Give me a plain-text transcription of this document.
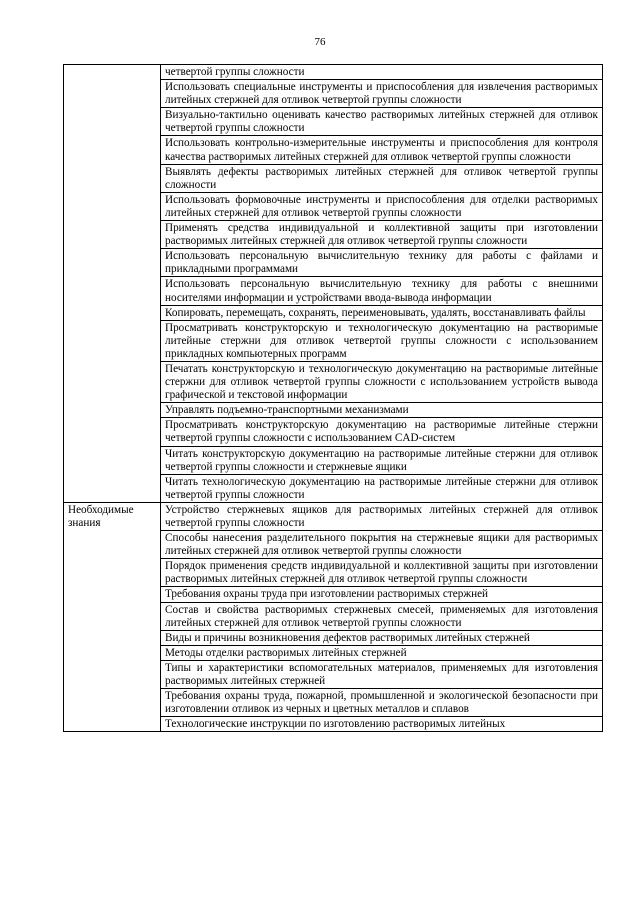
76

	четвертой группы сложности

	Использовать специальные инструменты и приспособления для извлечения растворимых литейных стержней для отливок четвертой группы сложности

	Визуально-тактильно оценивать качество растворимых литейных стержней для отливок четвертой группы сложности

	Использовать контрольно-измерительные инструменты и приспособления для контроля качества растворимых литейных стержней для отливок четвертой группы сложности

	Выявлять дефекты растворимых литейных стержней для отливок четвертой группы сложности

	Использовать формовочные инструменты и приспособления для отделки растворимых литейных стержней для отливок четвертой группы сложности

	Применять средства индивидуальной и коллективной защиты при изготовлении растворимых литейных стержней для отливок четвертой группы сложности

	Использовать персональную вычислительную технику для работы с файлами и прикладными программами

	Использовать персональную вычислительную технику для работы с внешними носителями информации и устройствами ввода-вывода информации

	Копировать, перемещать, сохранять, переименовывать, удалять, восстанавливать файлы

	Просматривать конструкторскую и технологическую документацию на растворимые литейные стержни для отливок четвертой группы сложности с использованием прикладных компьютерных программ

	Печатать конструкторскую и технологическую документацию на растворимые литейные стержни для отливок четвертой группы сложности с использованием устройств вывода графической и текстовой информации

	Управлять подъемно-транспортными механизмами

	Просматривать конструкторскую документацию на растворимые литейные стержни четвертой группы сложности с использованием CAD-систем

	Читать конструкторскую документацию на растворимые литейные стержни для отливок четвертой группы сложности и стержневые ящики

	Читать технологическую документацию на растворимые литейные стержни для отливок четвертой группы сложности

Необходимые знания	Устройство стержневых ящиков для растворимых литейных стержней для отливок четвертой группы сложности

	Способы нанесения разделительного покрытия на стержневые ящики для растворимых литейных стержней для отливок четвертой группы сложности

	Порядок применения средств индивидуальной и коллективной защиты при изготовлении растворимых литейных стержней для отливок четвертой группы сложности

	Требования охраны труда при изготовлении растворимых стержней

	Состав и свойства растворимых стержневых смесей, применяемых для изготовления литейных стержней для отливок четвертой группы сложности

	Виды и причины возникновения дефектов растворимых литейных стержней

	Методы отделки растворимых литейных стержней

	Типы и характеристики вспомогательных материалов, применяемых для изготовления растворимых литейных стержней

	Требования охраны труда, пожарной, промышленной и экологической безопасности при изготовлении отливок из черных и цветных металлов и сплавов

	Технологические инструкции по изготовлению растворимых литейных
